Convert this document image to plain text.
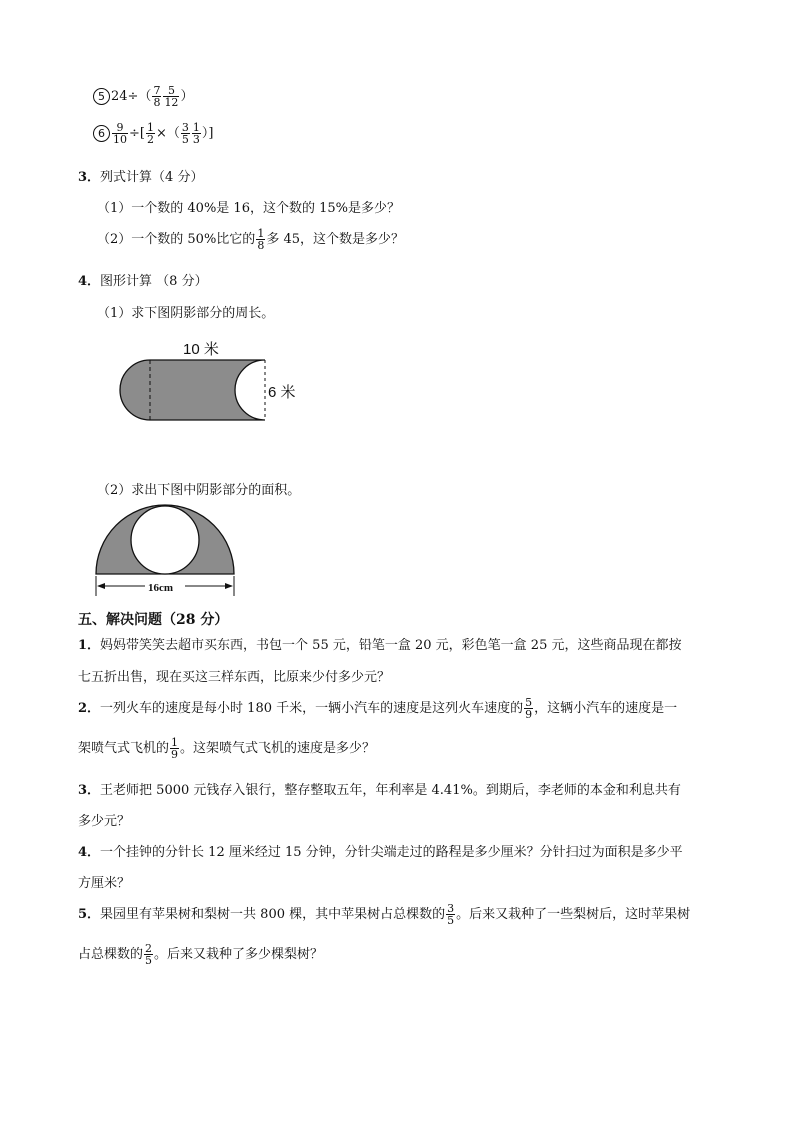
5 $24\div( \frac{7}{8} \frac{5}{12}$ ）
$6 \frac{9}{10}$ ÷[ $\frac{1}{2}$ ×（ $\frac{3}{5} \frac{1}{3}$ ）]
3．列式计算（4 分）
（1）一个数的 40%是 16，这个数的 15%是多少？
（2）一个数的 50%比它的 $\frac{1}{8}$ 多 45，这个数是多少？
4．图形计算 （8 分）
（1）求下图阴影部分的周长。
10 米
6 米
（2）求出下图中阴影部分的面积。
16cm
五、解决问题（28 分）
1．妈妈带笑笑去超市买东西，书包一个 55 元，铅笔一盒 20 元，彩色笔一盒 25 元，这些商品现在都按
七五折出售，现在买这三样东西，比原来少付多少元？
2．一列火车的速度是每小时 180 千米，一辆小汽车的速度是这列火车速度的 $\frac{5}{9}$ ，这辆小汽车的速度是一
架喷气式飞机的 $\frac{1}{9}$ 。这架喷气式飞机的速度是多少？
3．王老师把 5000 元钱存入银行，整存整取五年，年利率是 4.41%。到期后，李老师的本金和利息共有
多少元？
4．一个挂钟的分针长 12 厘米经过 15 分钟，分针尖端走过的路程是多少厘米？分针扫过为面积是多少平
方厘米？
5．果园里有苹果树和梨树一共 800 棵，其中苹果树占总棵数的 $\frac{3}{5}$ 。后来又栽种了一些梨树后，这时苹果树
占总棵数的 $\frac{2}{5}$ 。后来又栽种了多少棵梨树？
